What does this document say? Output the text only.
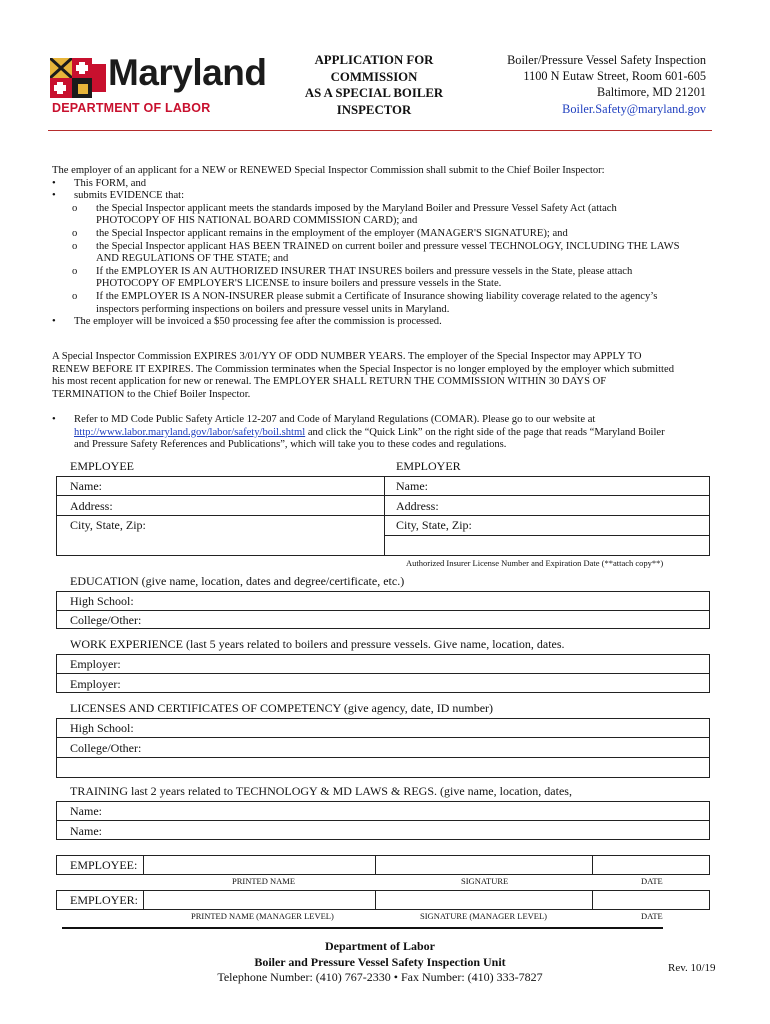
Maryland
DEPARTMENT OF LABOR
APPLICATION FOR
COMMISSION
AS A SPECIAL BOILER
INSPECTOR
Boiler/Pressure Vessel Safety Inspection
1100 N Eutaw Street, Room 601-605
Baltimore, MD 21201
Boiler.Safety@maryland.gov
The employer of an applicant for a NEW or RENEWED Special Inspector Commission shall submit to the Chief Boiler Inspector:
• This FORM, and
• submits EVIDENCE that:
o the Special Inspector applicant meets the standards imposed by the Maryland Boiler and Pressure Vessel Safety Act (attach
PHOTOCOPY OF HIS NATIONAL BOARD COMMISSION CARD); and
o the Special Inspector applicant remains in the employment of the employer (MANAGER'S SIGNATURE); and
o the Special Inspector applicant HAS BEEN TRAINED on current boiler and pressure vessel TECHNOLOGY, INCLUDING THE LAWS
AND REGULATIONS OF THE STATE; and
o If the EMPLOYER IS AN AUTHORIZED INSURER THAT INSURES boilers and pressure vessels in the State, please attach
PHOTOCOPY OF EMPLOYER'S LICENSE to insure boilers and pressure vessels in the State.
o If the EMPLOYER IS A NON-INSURER please submit a Certificate of Insurance showing liability coverage related to the agency’s
inspectors performing inspections on boilers and pressure vessel units in Maryland.
• The employer will be invoiced a $50 processing fee after the commission is processed.
A Special Inspector Commission EXPIRES 3/01/YY OF ODD NUMBER YEARS. The employer of the Special Inspector may APPLY TO
RENEW BEFORE IT EXPIRES. The Commission terminates when the Special Inspector is no longer employed by the employer which submitted
his most recent application for new or renewal. The EMPLOYER SHALL RETURN THE COMMISSION WITHIN 30 DAYS OF
TERMINATION to the Chief Boiler Inspector.
• Refer to MD Code Public Safety Article 12-207 and Code of Maryland Regulations (COMAR). Please go to our website at
http://www.labor.maryland.gov/labor/safety/boil.shtml and click the “Quick Link” on the right side of the page that reads “Maryland Boiler
and Pressure Safety References and Publications”, which will take you to these codes and regulations.
EMPLOYEE	EMPLOYER
Name:	Name:
Address:	Address:
City, State, Zip:	City, State, Zip:
Authorized Insurer License Number and Expiration Date (**attach copy**)
EDUCATION (give name, location, dates and degree/certificate, etc.)
High School:
College/Other:
WORK EXPERIENCE (last 5 years related to boilers and pressure vessels. Give name, location, dates.
Employer:
Employer:
LICENSES AND CERTIFICATES OF COMPETENCY (give agency, date, ID number)
High School:
College/Other:
TRAINING last 2 years related to TECHNOLOGY & MD LAWS & REGS. (give name, location, dates,
Name:
Name:
EMPLOYEE:
PRINTED NAME	SIGNATURE	DATE
EMPLOYER:
PRINTED NAME (MANAGER LEVEL)	SIGNATURE (MANAGER LEVEL)	DATE
Department of Labor
Boiler and Pressure Vessel Safety Inspection Unit
Telephone Number: (410) 767-2330 • Fax Number: (410) 333-7827
Rev. 10/19
